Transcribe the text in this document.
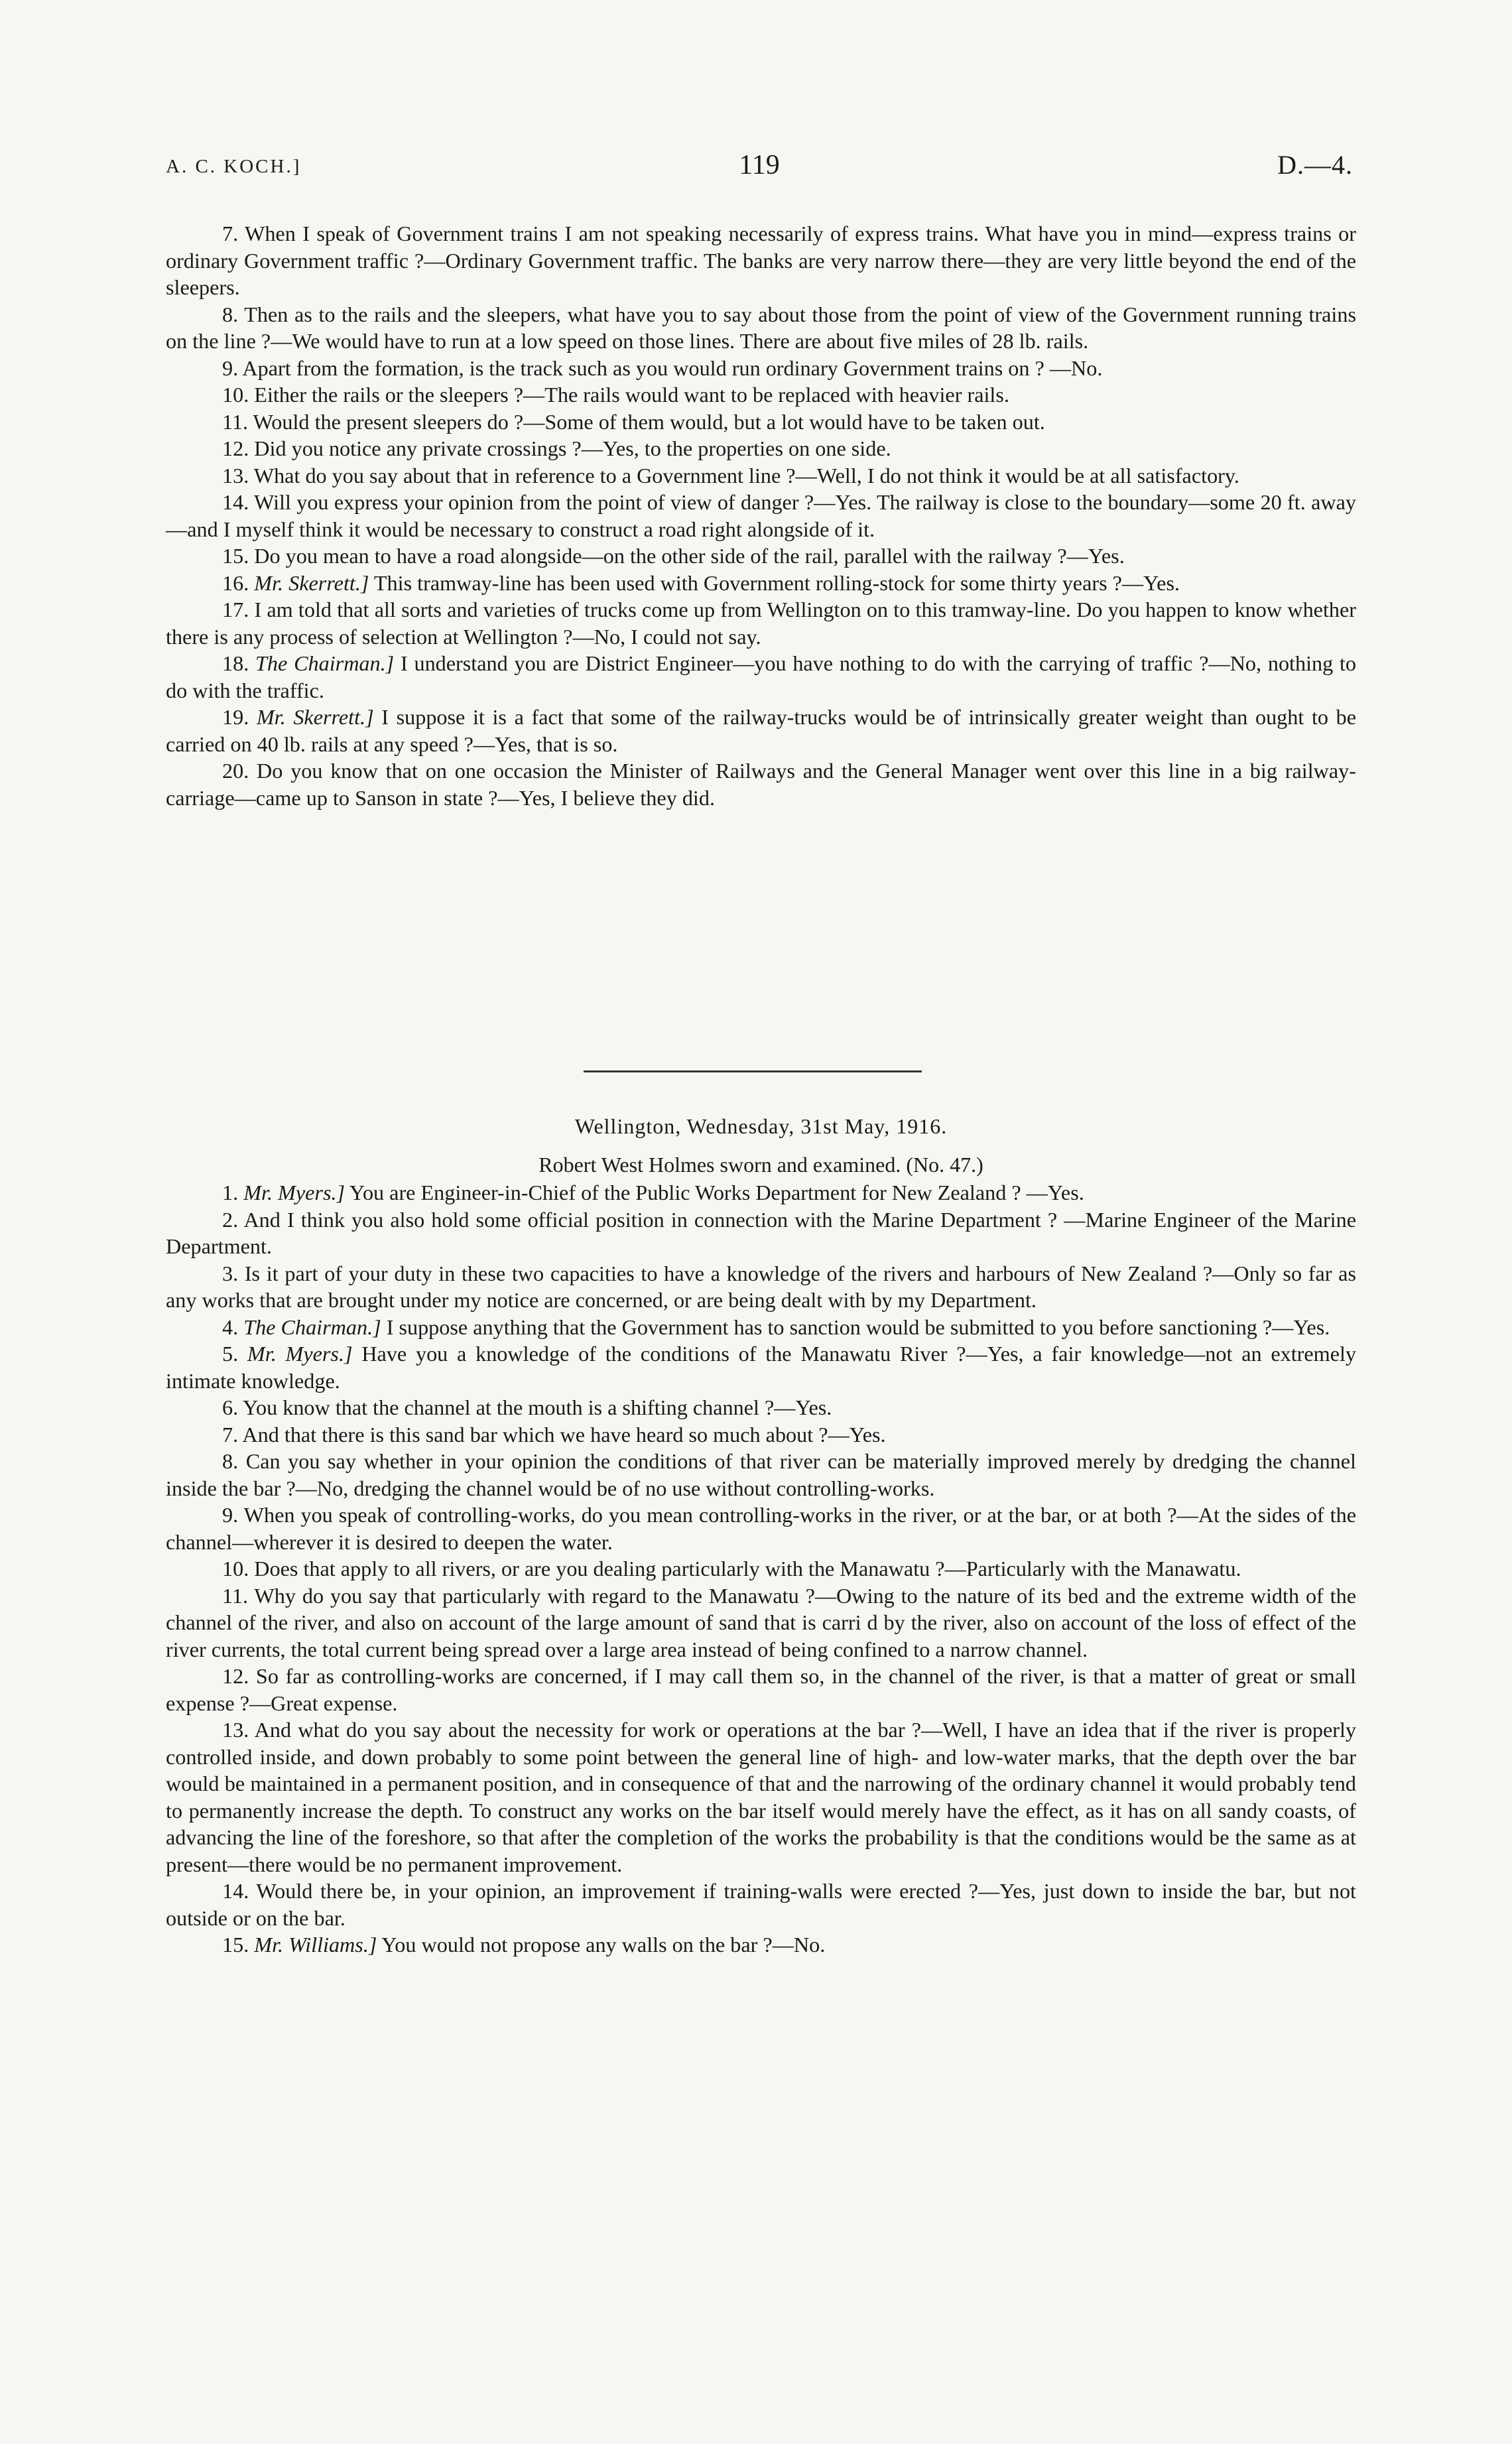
A. C. KOCH.]	119	D.—4.

7. When I speak of Government trains I am not speaking necessarily of express trains. What have you in mind—express trains or ordinary Government traffic ?—Ordinary Government traffic. The banks are very narrow there—they are very little beyond the end of the sleepers.

8. Then as to the rails and the sleepers, what have you to say about those from the point of view of the Government running trains on the line ?—We would have to run at a low speed on those lines. There are about five miles of 28 lb. rails.

9. Apart from the formation, is the track such as you would run ordinary Government trains on ? —No.

10. Either the rails or the sleepers ?—The rails would want to be replaced with heavier rails.

11. Would the present sleepers do ?—Some of them would, but a lot would have to be taken out.

12. Did you notice any private crossings ?—Yes, to the properties on one side.

13. What do you say about that in reference to a Government line ?—Well, I do not think it would be at all satisfactory.

14. Will you express your opinion from the point of view of danger ?—Yes. The railway is close to the boundary—some 20 ft. away—and I myself think it would be necessary to construct a road right alongside of it.

15. Do you mean to have a road alongside—on the other side of the rail, parallel with the railway ?—Yes.

16. Mr. Skerrett.] This tramway-line has been used with Government rolling-stock for some thirty years ?—Yes.

17. I am told that all sorts and varieties of trucks come up from Wellington on to this tramway-line. Do you happen to know whether there is any process of selection at Wellington ?—No, I could not say.

18. The Chairman.] I understand you are District Engineer—you have nothing to do with the carrying of traffic ?—No, nothing to do with the traffic.

19. Mr. Skerrett.] I suppose it is a fact that some of the railway-trucks would be of intrinsically greater weight than ought to be carried on 40 lb. rails at any speed ?—Yes, that is so.

20. Do you know that on one occasion the Minister of Railways and the General Manager went over this line in a big railway-carriage—came up to Sanson in state ?—Yes, I believe they did.

Wellington, Wednesday, 31st May, 1916.
Robert West Holmes sworn and examined. (No. 47.)

1. Mr. Myers.] You are Engineer-in-Chief of the Public Works Department for New Zealand ? —Yes.

2. And I think you also hold some official position in connection with the Marine Department ? —Marine Engineer of the Marine Department.

3. Is it part of your duty in these two capacities to have a knowledge of the rivers and harbours of New Zealand ?—Only so far as any works that are brought under my notice are concerned, or are being dealt with by my Department.

4. The Chairman.] I suppose anything that the Government has to sanction would be submitted to you before sanctioning ?—Yes.

5. Mr. Myers.] Have you a knowledge of the conditions of the Manawatu River ?—Yes, a fair knowledge—not an extremely intimate knowledge.

6. You know that the channel at the mouth is a shifting channel ?—Yes.

7. And that there is this sand bar which we have heard so much about ?—Yes.

8. Can you say whether in your opinion the conditions of that river can be materially improved merely by dredging the channel inside the bar ?—No, dredging the channel would be of no use without controlling-works.

9. When you speak of controlling-works, do you mean controlling-works in the river, or at the bar, or at both ?—At the sides of the channel—wherever it is desired to deepen the water.

10. Does that apply to all rivers, or are you dealing particularly with the Manawatu ?—Particularly with the Manawatu.

11. Why do you say that particularly with regard to the Manawatu ?—Owing to the nature of its bed and the extreme width of the channel of the river, and also on account of the large amount of sand that is carri d by the river, also on account of the loss of effect of the river currents, the total current being spread over a large area instead of being confined to a narrow channel.

12. So far as controlling-works are concerned, if I may call them so, in the channel of the river, is that a matter of great or small expense ?—Great expense.

13. And what do you say about the necessity for work or operations at the bar ?—Well, I have an idea that if the river is properly controlled inside, and down probably to some point between the general line of high- and low-water marks, that the depth over the bar would be maintained in a permanent position, and in consequence of that and the narrowing of the ordinary channel it would probably tend to permanently increase the depth. To construct any works on the bar itself would merely have the effect, as it has on all sandy coasts, of advancing the line of the foreshore, so that after the completion of the works the probability is that the conditions would be the same as at present—there would be no permanent improvement.

14. Would there be, in your opinion, an improvement if training-walls were erected ?—Yes, just down to inside the bar, but not outside or on the bar.

15. Mr. Williams.] You would not propose any walls on the bar ?—No.
